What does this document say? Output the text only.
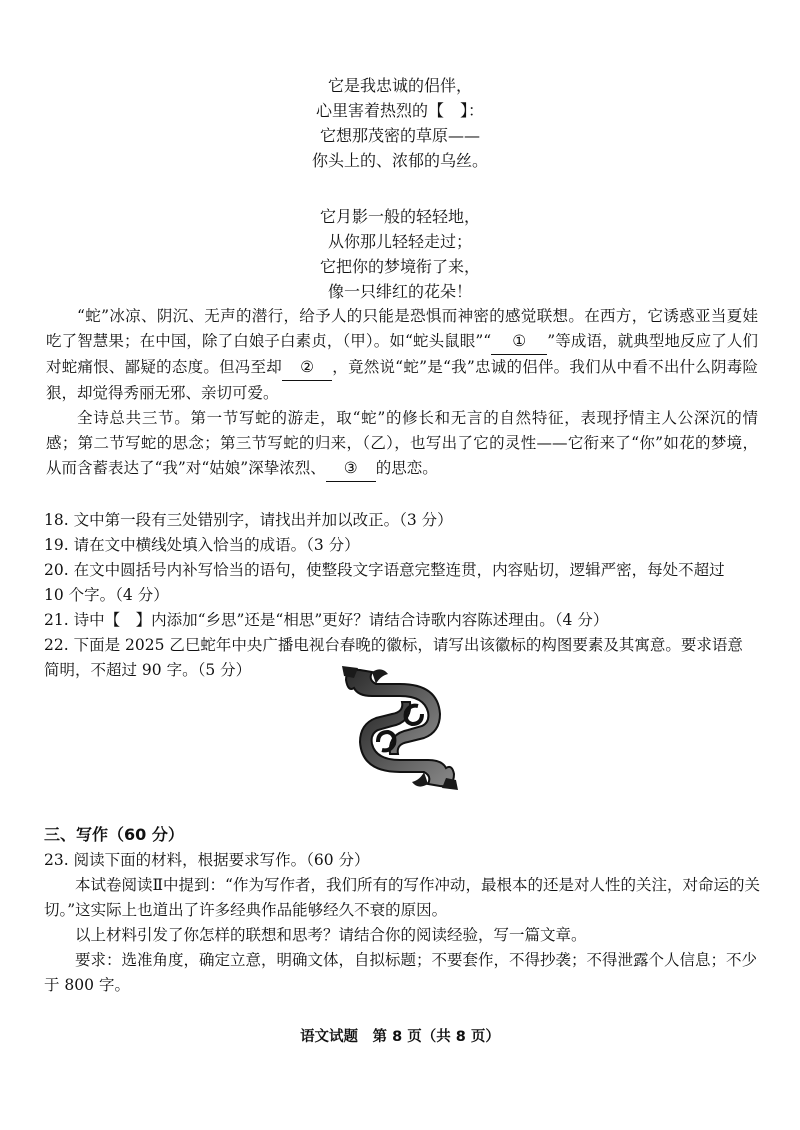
它是我忠诚的侣伴，
心里害着热烈的【　】：
它想那茂密的草原——
你头上的、浓郁的乌丝。
它月影一般的轻轻地，
从你那儿轻轻走过；
它把你的梦境衔了来，
像一只绯红的花朵！

“蛇”冰凉、阴沉、无声的潜行，给予人的只能是恐惧而神密的感觉联想。在西方，它诱惑亚当夏娃吃了智慧果；在中国，除了白娘子白素贞，（甲）。如“蛇头鼠眼”“ ① ”等成语，就典型地反应了人们对蛇痛恨、鄙疑的态度。但冯至却 ② ，竟然说“蛇”是“我”忠诚的侣伴。我们从中看不出什么阴毒险狠，却觉得秀丽无邪、亲切可爱。

全诗总共三节。第一节写蛇的游走，取“蛇”的修长和无言的自然特征，表现抒情主人公深沉的情感；第二节写蛇的思念；第三节写蛇的归来，（乙），也写出了它的灵性——它衔来了“你”如花的梦境，从而含蓄表达了“我”对“姑娘”深挚浓烈、 ③ 的思恋。

18. 文中第一段有三处错别字，请找出并加以改正。（3 分）

19. 请在文中横线处填入恰当的成语。（3 分）

20. 在文中圆括号内补写恰当的语句，使整段文字语意完整连贯，内容贴切，逻辑严密，每处不超过

10 个字。（4 分）

21. 诗中【　】内添加“乡思”还是“相思”更好？请结合诗歌内容陈述理由。（4 分）

22. 下面是 2025 乙巳蛇年中央广播电视台春晚的徽标，请写出该徽标的构图要素及其寓意。要求语意

简明，不超过 90 字。（5 分）

三、写作（60 分）

23. 阅读下面的材料，根据要求写作。（60 分）

本试卷阅读Ⅱ中提到：“作为写作者，我们所有的写作冲动，最根本的还是对人性的关注，对命运的关切。”这实际上也道出了许多经典作品能够经久不衰的原因。

以上材料引发了你怎样的联想和思考？请结合你的阅读经验，写一篇文章。

要求：选准角度，确定立意，明确文体，自拟标题；不要套作，不得抄袭；不得泄露个人信息；不少于 800 字。

语文试题　第 8 页（共 8 页）
